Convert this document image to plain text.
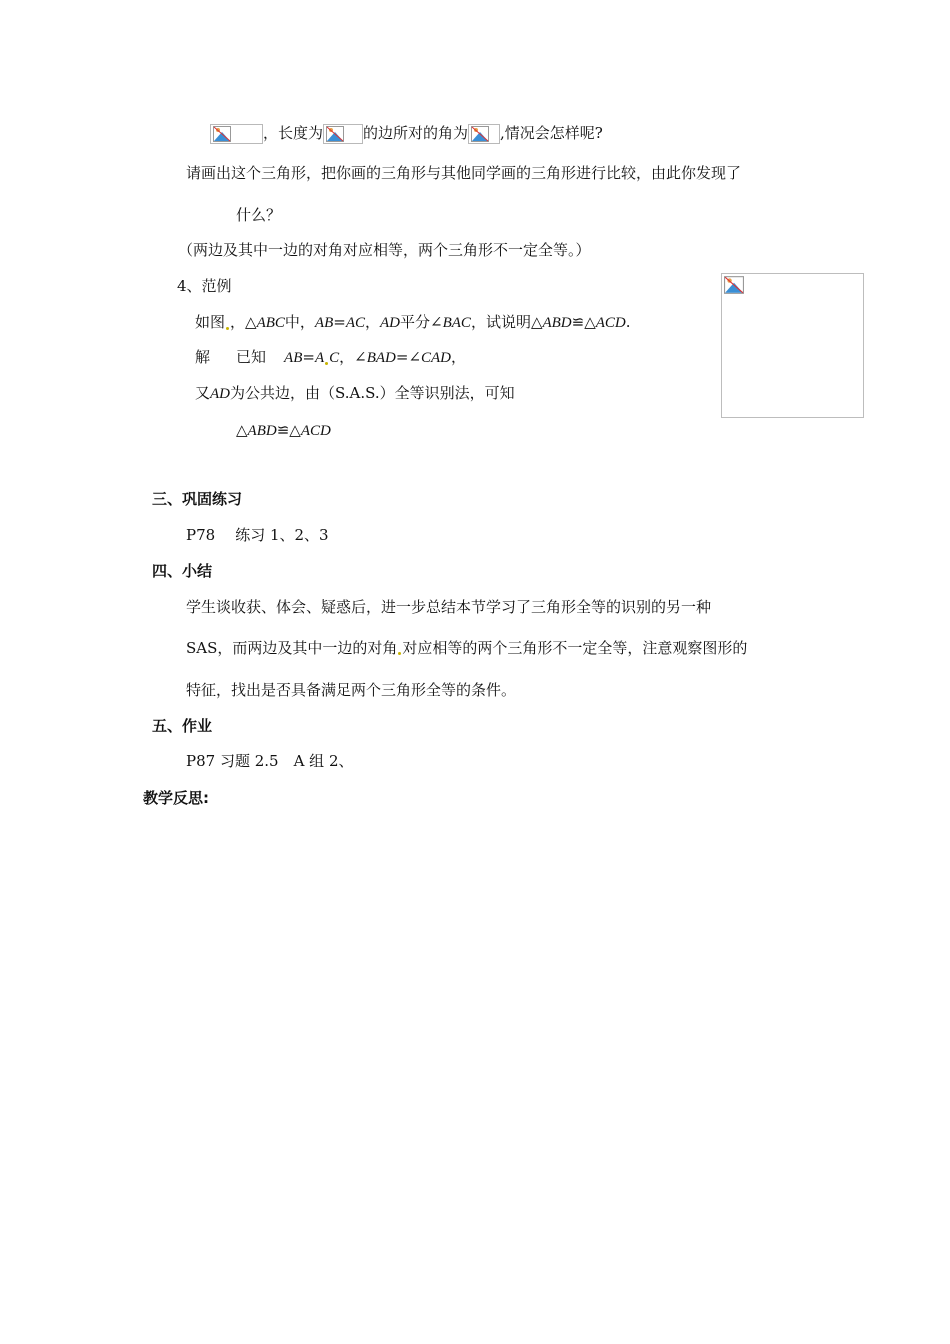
，长度为	的边所对的角为 ,情况会怎样呢?
请画出这个三角形，把你画的三角形与其他同学画的三角形进行比较，由此你发现了
什么？
（两边及其中一边的对角对应相等，两个三角形不一定全等。）
4、范例
如图 ，△ABC中，AB=AC，AD平分∠BAC，试说明△ABD≌△ACD.
解 已知 AB=A C，∠BAD=∠CAD，
又AD为公共边，由（S.A.S.）全等识别法，可知
△ABD≌△ACD
三、巩固练习
P78 练习 1、2、3
四、小结
学生谈收获、体会、疑惑后，进一步总结本节学习了三角形全等的识别的另一种
SAS，而两边及其中一边的对角 对应相等的两个三角形不一定全等，注意观察图形的
特征，找出是否具备满足两个三角形全等的条件。
五、作业
P87 习题 2.5　A 组 2、
教学反思:
